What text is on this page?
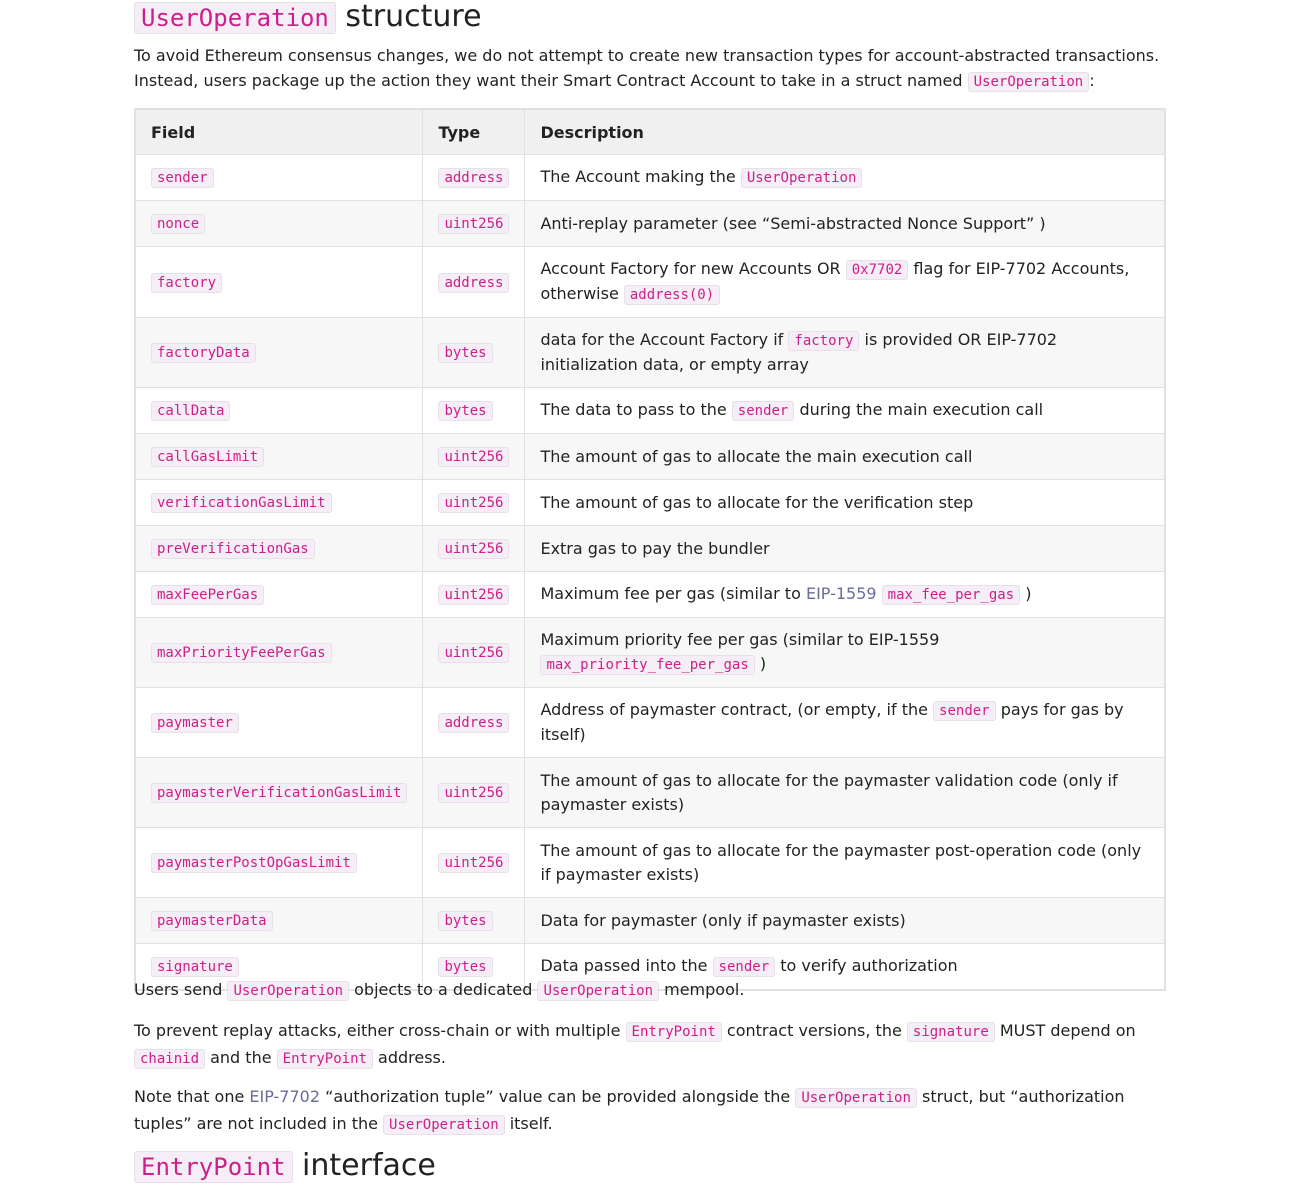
UserOperation structure

To avoid Ethereum consensus changes, we do not attempt to create new transaction types for account-abstracted transactions. Instead, users package up the action they want their Smart Contract Account to take in a struct named UserOperation :

Field	Type	Description
sender	address	The Account making the UserOperation
nonce	uint256	Anti-replay parameter (see “Semi-abstracted Nonce Support” )
factory	address	Account Factory for new Accounts OR 0x7702 flag for EIP-7702 Accounts, otherwise address(0)
factoryData	bytes	data for the Account Factory if factory is provided OR EIP-7702 initialization data, or empty array
callData	bytes	The data to pass to the sender during the main execution call
callGasLimit	uint256	The amount of gas to allocate the main execution call
verificationGasLimit	uint256	The amount of gas to allocate for the verification step
preVerificationGas	uint256	Extra gas to pay the bundler
maxFeePerGas	uint256	Maximum fee per gas (similar to EIP-1559 max_fee_per_gas )
maxPriorityFeePerGas	uint256	Maximum priority fee per gas (similar to EIP-1559 max_priority_fee_per_gas )
paymaster	address	Address of paymaster contract, (or empty, if the sender pays for gas by itself)
paymasterVerificationGasLimit	uint256	The amount of gas to allocate for the paymaster validation code (only if paymaster exists)
paymasterPostOpGasLimit	uint256	The amount of gas to allocate for the paymaster post-operation code (only if paymaster exists)
paymasterData	bytes	Data for paymaster (only if paymaster exists)
signature	bytes	Data passed into the sender to verify authorization

Users send UserOperation objects to a dedicated UserOperation mempool.

To prevent replay attacks, either cross-chain or with multiple EntryPoint contract versions, the signature MUST depend on chainid and the EntryPoint address.

Note that one EIP-7702 “authorization tuple” value can be provided alongside the UserOperation struct, but “authorization tuples” are not included in the UserOperation itself.

EntryPoint interface
